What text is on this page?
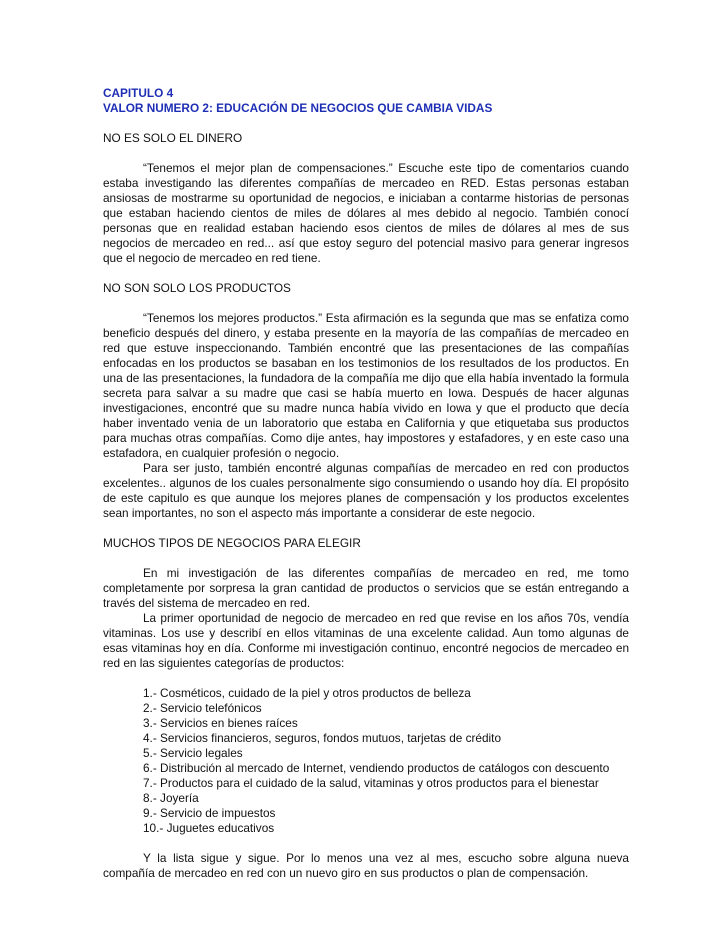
CAPITULO 4
VALOR NUMERO 2: EDUCACIÓN DE NEGOCIOS QUE CAMBIA VIDAS
NO ES SOLO EL DINERO

“Tenemos el mejor plan de compensaciones.” Escuche este tipo de comentarios cuando estaba investigando las diferentes compañías de mercadeo en RED. Estas personas estaban ansiosas de mostrarme su oportunidad de negocios, e iniciaban a contarme historias de personas que estaban haciendo cientos de miles de dólares al mes debido al negocio. También conocí personas que en realidad estaban haciendo esos cientos de miles de dólares al mes de sus negocios de mercadeo en red... así que estoy seguro del potencial masivo para generar ingresos que el negocio de mercadeo en red tiene.

NO SON SOLO LOS PRODUCTOS

“Tenemos los mejores productos.” Esta afirmación es la segunda que mas se enfatiza como beneficio después del dinero, y estaba presente en la mayoría de las compañías de mercadeo en red que estuve inspeccionando. También encontré que las presentaciones de las compañías enfocadas en los productos se basaban en los testimonios de los resultados de los productos. En una de las presentaciones, la fundadora de la compañía me dijo que ella había inventado la formula secreta para salvar a su madre que casi se había muerto en Iowa. Después de hacer algunas investigaciones, encontré que su madre nunca había vivido en Iowa y que el producto que decía haber inventado venia de un laboratorio que estaba en California y que etiquetaba sus productos para muchas otras compañías. Como dije antes, hay impostores y estafadores, y en este caso una estafadora, en cualquier profesión o negocio.

Para ser justo, también encontré algunas compañías de mercadeo en red con productos excelentes.. algunos de los cuales personalmente sigo consumiendo o usando hoy día. El propósito de este capitulo es que aunque los mejores planes de compensación y los productos excelentes sean importantes, no son el aspecto más importante a considerar de este negocio.

MUCHOS TIPOS DE NEGOCIOS PARA ELEGIR

En mi investigación de las diferentes compañías de mercadeo en red, me tomo completamente por sorpresa la gran cantidad de productos o servicios que se están entregando a través del sistema de mercadeo en red.

La primer oportunidad de negocio de mercadeo en red que revise en los años 70s, vendía vitaminas. Los use y describí en ellos vitaminas de una excelente calidad. Aun tomo algunas de esas vitaminas hoy en día. Conforme mi investigación continuo, encontré negocios de mercadeo en red en las siguientes categorías de productos:

1.- Cosméticos, cuidado de la piel y otros productos de belleza
2.- Servicio telefónicos
3.- Servicios en bienes raíces
4.- Servicios financieros, seguros, fondos mutuos, tarjetas de crédito
5.- Servicio legales
6.- Distribución al mercado de Internet, vendiendo productos de catálogos con descuento
7.- Productos para el cuidado de la salud, vitaminas y otros productos para el bienestar
8.- Joyería
9.- Servicio de impuestos
10.- Juguetes educativos

Y la lista sigue y sigue. Por lo menos una vez al mes, escucho sobre alguna nueva compañía de mercadeo en red con un nuevo giro en sus productos o plan de compensación.
